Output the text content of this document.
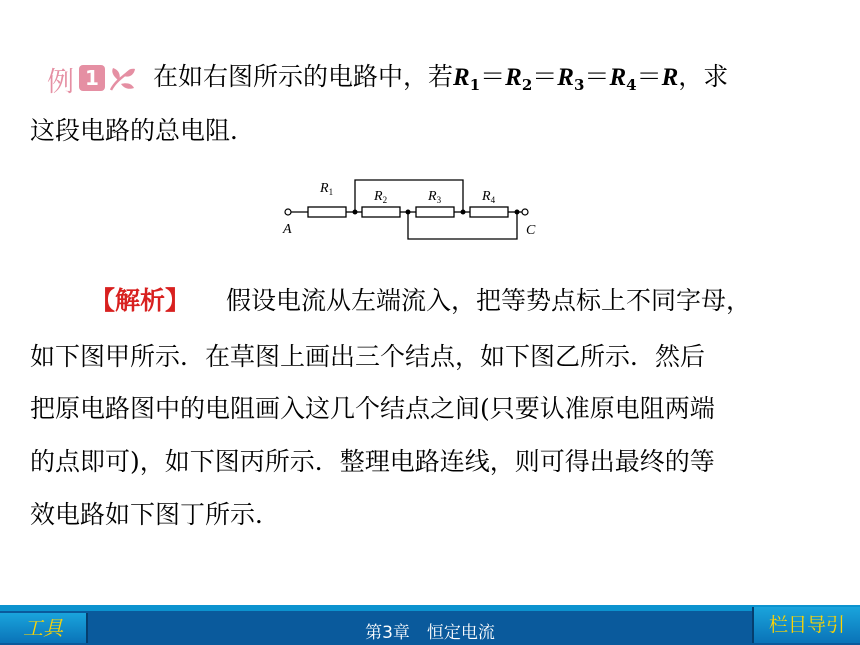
例 1 在如右图所示的电路中，若$R_1=R_2=R_3=R_4=R$，求
这段电路的总电阻．
$R_1$	$R_2$	$R_3$	$R_4$
A	C
【解析】 假设电流从左端流入，把等势点标上不同字母，
如下图甲所示．在草图上画出三个结点，如下图乙所示．然后
把原电路图中的电阻画入这几个结点之间(只要认准原电阻两端
的点即可)，如下图丙所示．整理电路连线，则可得出最终的等
效电路如下图丁所示．
工具	第3章　恒定电流	栏目导引
